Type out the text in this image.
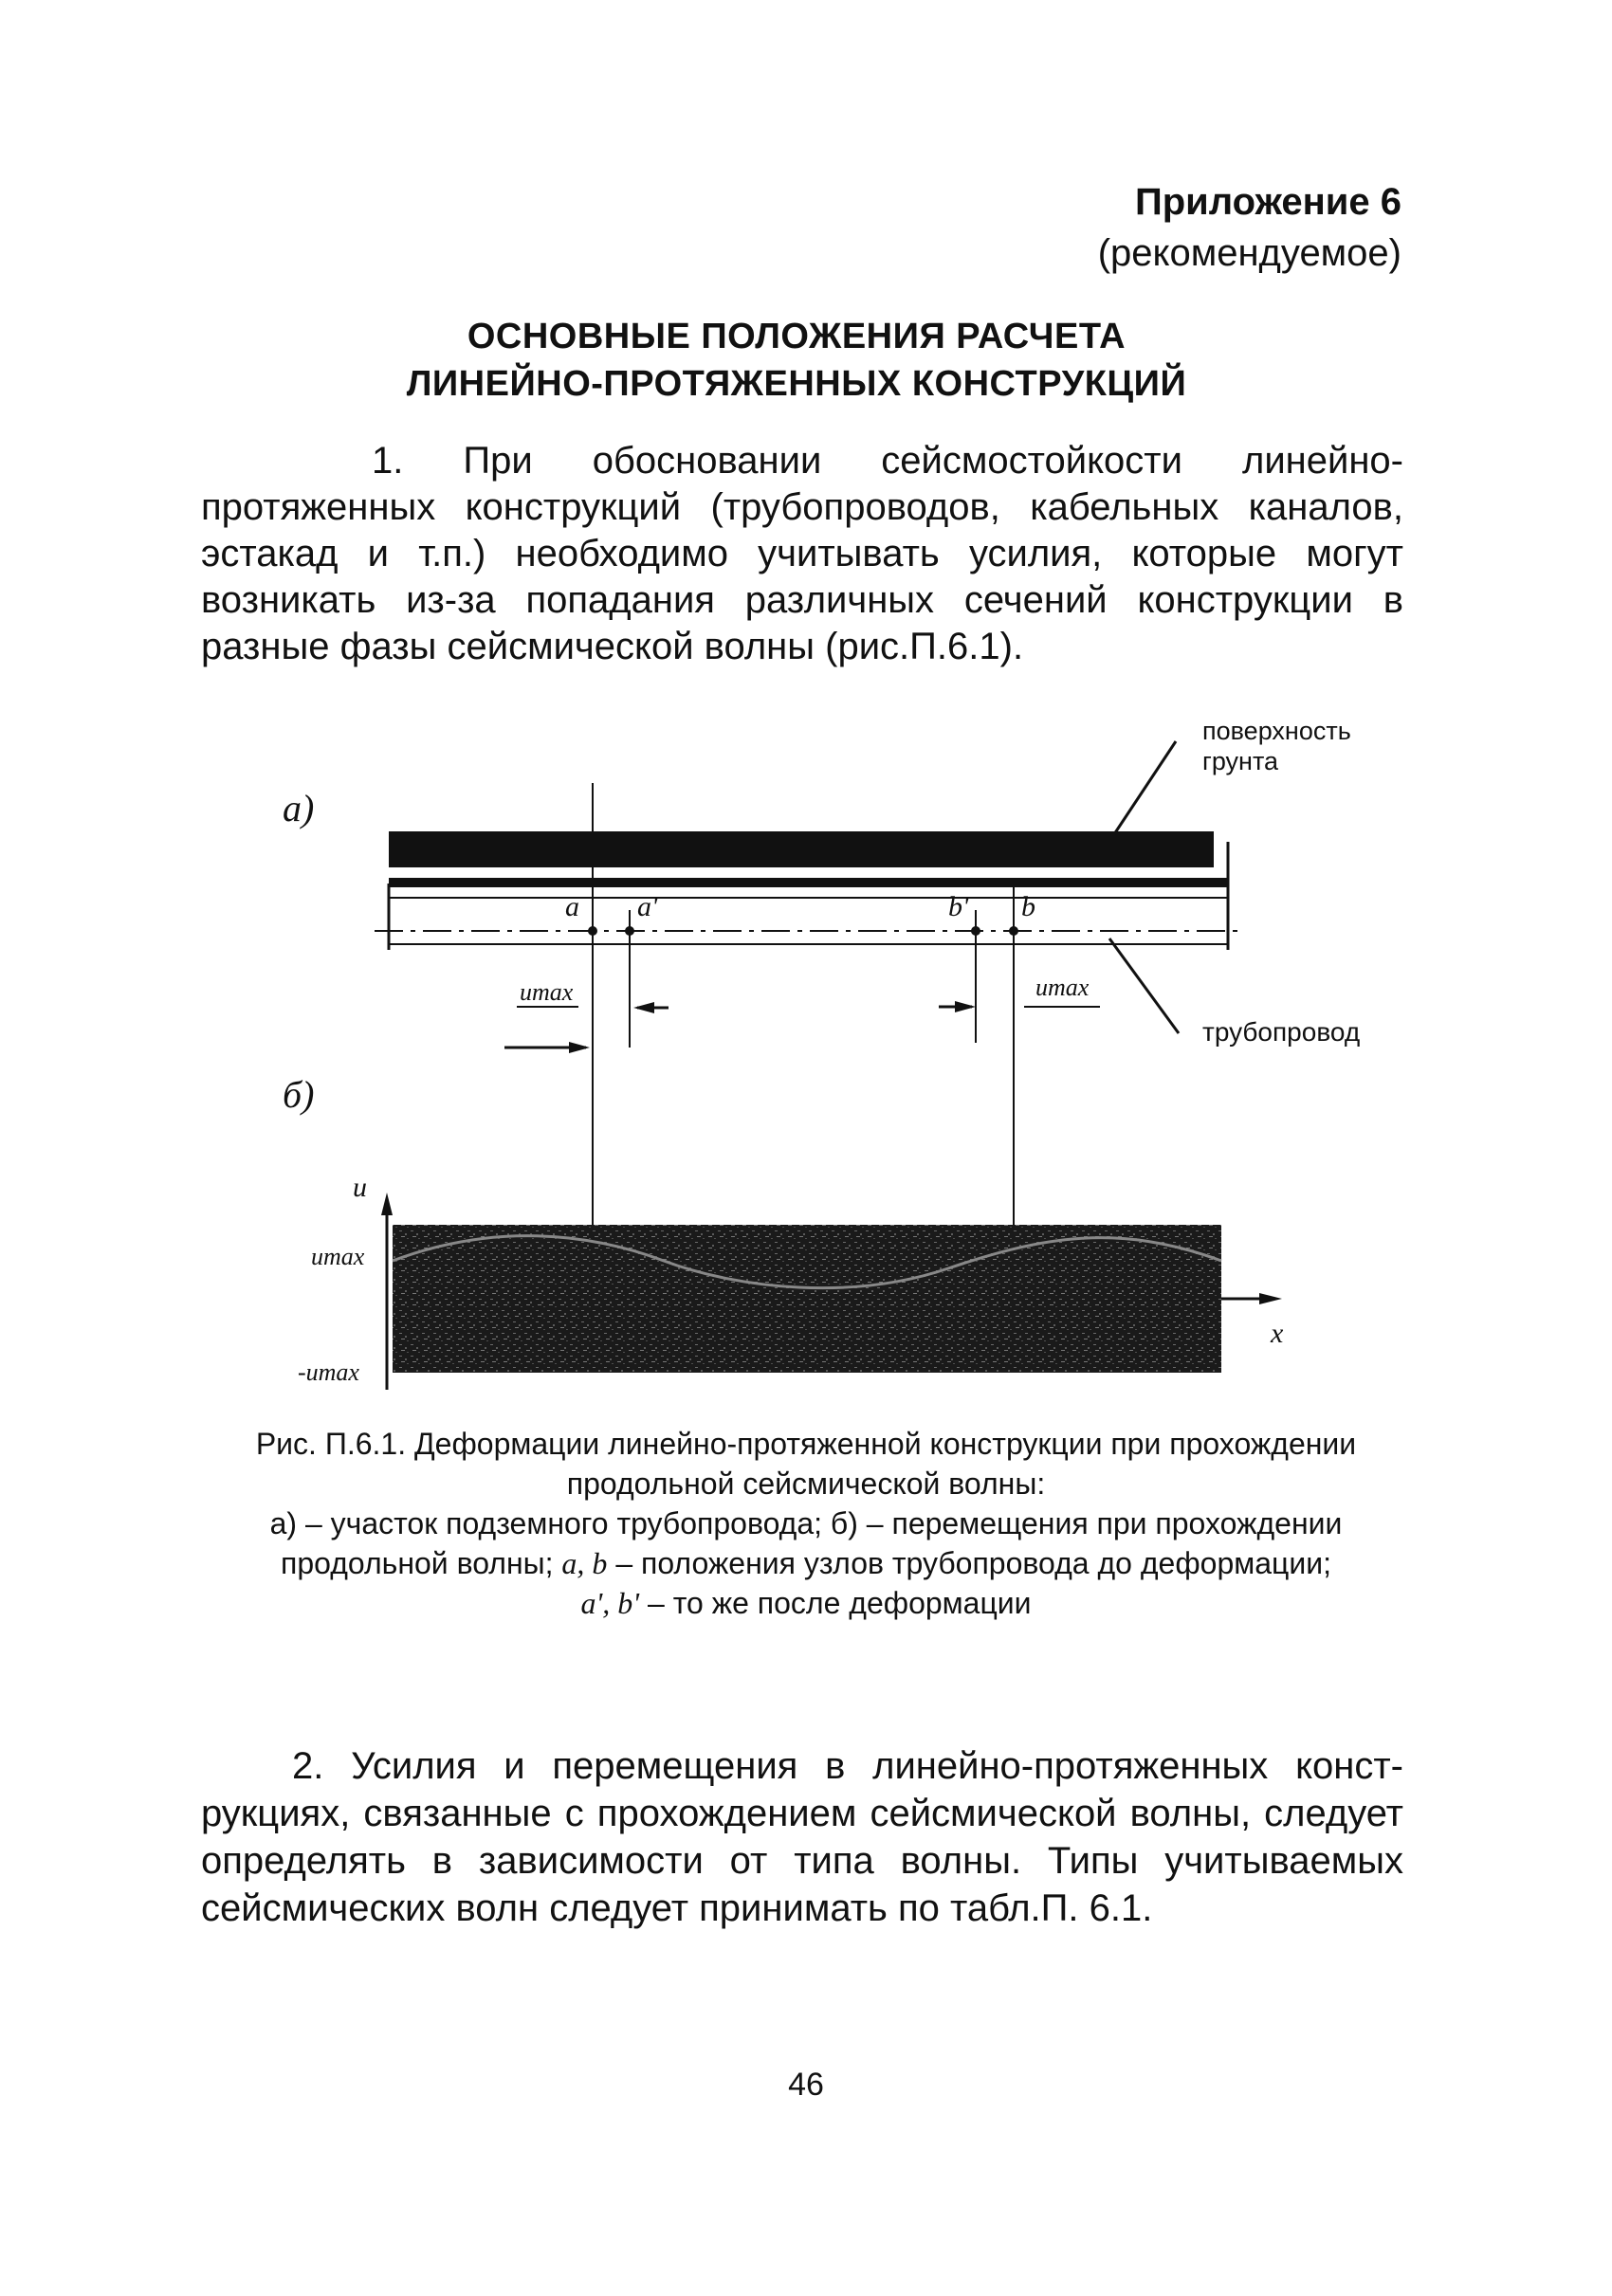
Приложение 6
(рекомендуемое)
ОСНОВНЫЕ ПОЛОЖЕНИЯ РАСЧЕТА
ЛИНЕЙНО-ПРОТЯЖЕННЫХ КОНСТРУКЦИЙ
1. При обосновании сейсмостойкости линейно-протяженных конструкций (трубопроводов, кабельных каналов, эстакад и т.п.) необходимо учитывать усилия, которые могут возникать из-за попадания различных сечений конструкции в разные фазы сейсмической волны (рис.П.6.1).
а)
поверхность
грунта
трубопровод
a a'	b' b
umax	umax
б)
u
x
umax
-umax
Рис. П.6.1. Деформации линейно-протяженной конструкции при прохождении
продольной сейсмической волны:
а) – участок подземного трубопровода; б) – перемещения при прохождении
продольной волны; a, b – положения узлов трубопровода до деформации;
a', b' – то же после деформации
2. Усилия и перемещения в линейно-протяженных конструкциях, связанные с прохождением сейсмической волны, следует определять в зависимости от типа волны. Типы учитываемых сейсмических волн следует принимать по табл.П. 6.1.
46
